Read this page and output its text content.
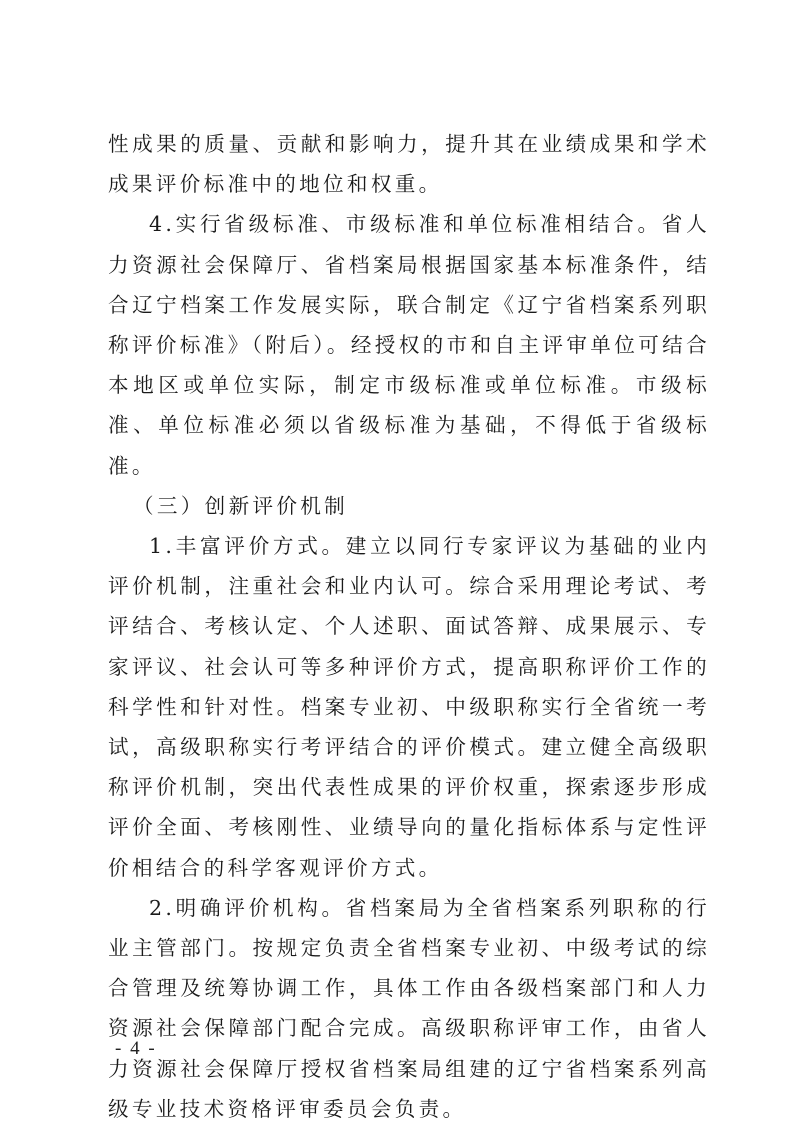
性成果的质量、贡献和影响力，提升其在业绩成果和学术成果评价标准中的地位和权重。

4.实行省级标准、市级标准和单位标准相结合。省人力资源社会保障厅、省档案局根据国家基本标准条件，结合辽宁档案工作发展实际，联合制定《辽宁省档案系列职称评价标准》（附后）。经授权的市和自主评审单位可结合本地区或单位实际，制定市级标准或单位标准。市级标准、单位标准必须以省级标准为基础，不得低于省级标准。

（三）创新评价机制

1.丰富评价方式。建立以同行专家评议为基础的业内评价机制，注重社会和业内认可。综合采用理论考试、考评结合、考核认定、个人述职、面试答辩、成果展示、专家评议、社会认可等多种评价方式，提高职称评价工作的科学性和针对性。档案专业初、中级职称实行全省统一考试，高级职称实行考评结合的评价模式。建立健全高级职称评价机制，突出代表性成果的评价权重，探索逐步形成评价全面、考核刚性、业绩导向的量化指标体系与定性评价相结合的科学客观评价方式。

2.明确评价机构。省档案局为全省档案系列职称的行业主管部门。按规定负责全省档案专业初、中级考试的综合管理及统筹协调工作，具体工作由各级档案部门和人力资源社会保障部门配合完成。高级职称评审工作，由省人力资源社会保障厅授权省档案局组建的辽宁省档案系列高级专业技术资格评审委员会负责。

- 4 -
